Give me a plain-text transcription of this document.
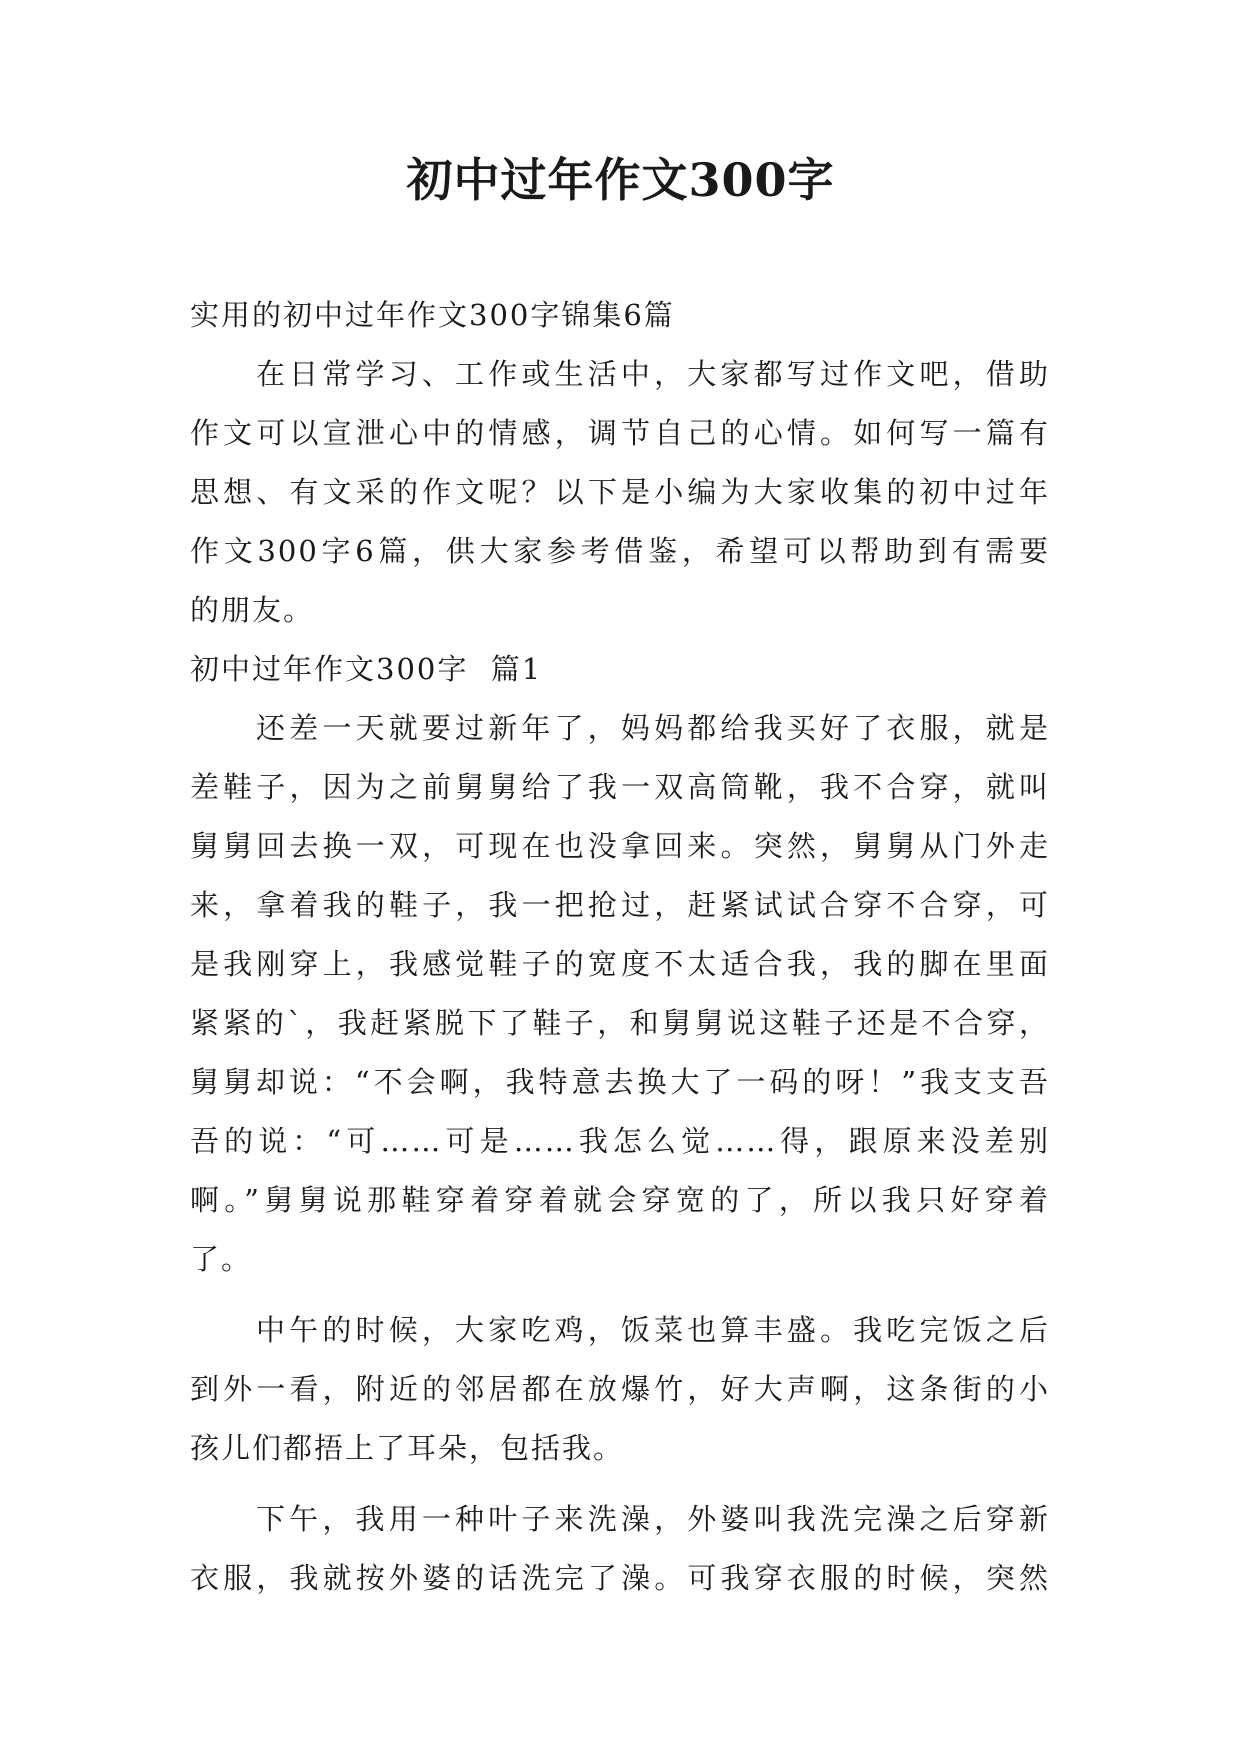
初中过年作文300字

实用的初中过年作文300字锦集6篇

在日常学习、工作或生活中，大家都写过作文吧，借助

作文可以宣泄心中的情感，调节自己的心情。如何写一篇有

思想、有文采的作文呢？以下是小编为大家收集的初中过年

作文300字6篇，供大家参考借鉴，希望可以帮助到有需要

的朋友。

初中过年作文300字  篇1

还差一天就要过新年了，妈妈都给我买好了衣服，就是

差鞋子，因为之前舅舅给了我一双高筒靴，我不合穿，就叫

舅舅回去换一双，可现在也没拿回来。突然，舅舅从门外走

来，拿着我的鞋子，我一把抢过，赶紧试试合穿不合穿，可

是我刚穿上，我感觉鞋子的宽度不太适合我，我的脚在里面

紧紧的`，我赶紧脱下了鞋子，和舅舅说这鞋子还是不合穿，

舅舅却说：“不会啊，我特意去换大了一码的呀！”我支支吾

吾的说：“可……可是……我怎么觉……得，跟原来没差别

啊。”舅舅说那鞋穿着穿着就会穿宽的了，所以我只好穿着

了。

中午的时候，大家吃鸡，饭菜也算丰盛。我吃完饭之后

到外一看，附近的邻居都在放爆竹，好大声啊，这条街的小

孩儿们都捂上了耳朵，包括我。

下午，我用一种叶子来洗澡，外婆叫我洗完澡之后穿新

衣服，我就按外婆的话洗完了澡。可我穿衣服的时候，突然
